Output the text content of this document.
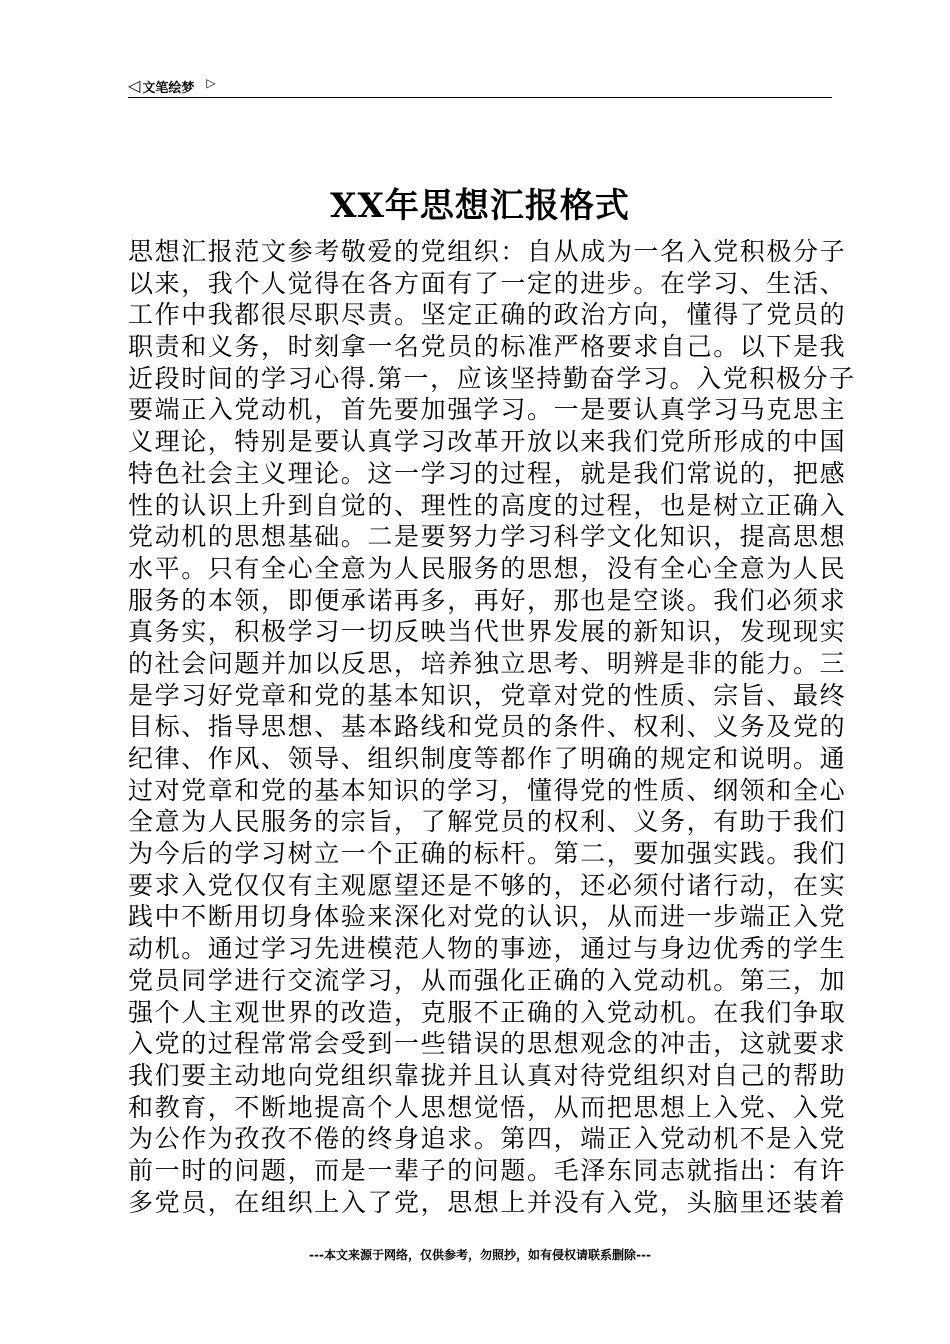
◁ 文笔绘梦 ▷
XX年思想汇报格式
思想汇报范文参考敬爱的党组织：自从成为一名入党积极分子
以来，我个人觉得在各方面有了一定的进步。在学习、生活、
工作中我都很尽职尽责。坚定正确的政治方向，懂得了党员的
职责和义务，时刻拿一名党员的标准严格要求自己。以下是我
近段时间的学习心得.第一，应该坚持勤奋学习。入党积极分子
要端正入党动机，首先要加强学习。一是要认真学习马克思主
义理论，特别是要认真学习改革开放以来我们党所形成的中国
特色社会主义理论。这一学习的过程，就是我们常说的，把感
性的认识上升到自觉的、理性的高度的过程，也是树立正确入
党动机的思想基础。二是要努力学习科学文化知识，提高思想
水平。只有全心全意为人民服务的思想，没有全心全意为人民
服务的本领，即便承诺再多，再好，那也是空谈。我们必须求
真务实，积极学习一切反映当代世界发展的新知识，发现现实
的社会问题并加以反思，培养独立思考、明辨是非的能力。三
是学习好党章和党的基本知识，党章对党的性质、宗旨、最终
目标、指导思想、基本路线和党员的条件、权利、义务及党的
纪律、作风、领导、组织制度等都作了明确的规定和说明。通
过对党章和党的基本知识的学习，懂得党的性质、纲领和全心
全意为人民服务的宗旨，了解党员的权利、义务，有助于我们
为今后的学习树立一个正确的标杆。第二，要加强实践。我们
要求入党仅仅有主观愿望还是不够的，还必须付诸行动，在实
践中不断用切身体验来深化对党的认识，从而进一步端正入党
动机。通过学习先进模范人物的事迹，通过与身边优秀的学生
党员同学进行交流学习，从而强化正确的入党动机。第三，加
强个人主观世界的改造，克服不正确的入党动机。在我们争取
入党的过程常常会受到一些错误的思想观念的冲击，这就要求
我们要主动地向党组织靠拢并且认真对待党组织对自己的帮助
和教育，不断地提高个人思想觉悟，从而把思想上入党、入党
为公作为孜孜不倦的终身追求。第四，端正入党动机不是入党
前一时的问题，而是一辈子的问题。毛泽东同志就指出：有许
多党员，在组织上入了党，思想上并没有入党，头脑里还装着
---本文来源于网络，仅供参考，勿照抄，如有侵权请联系删除---
